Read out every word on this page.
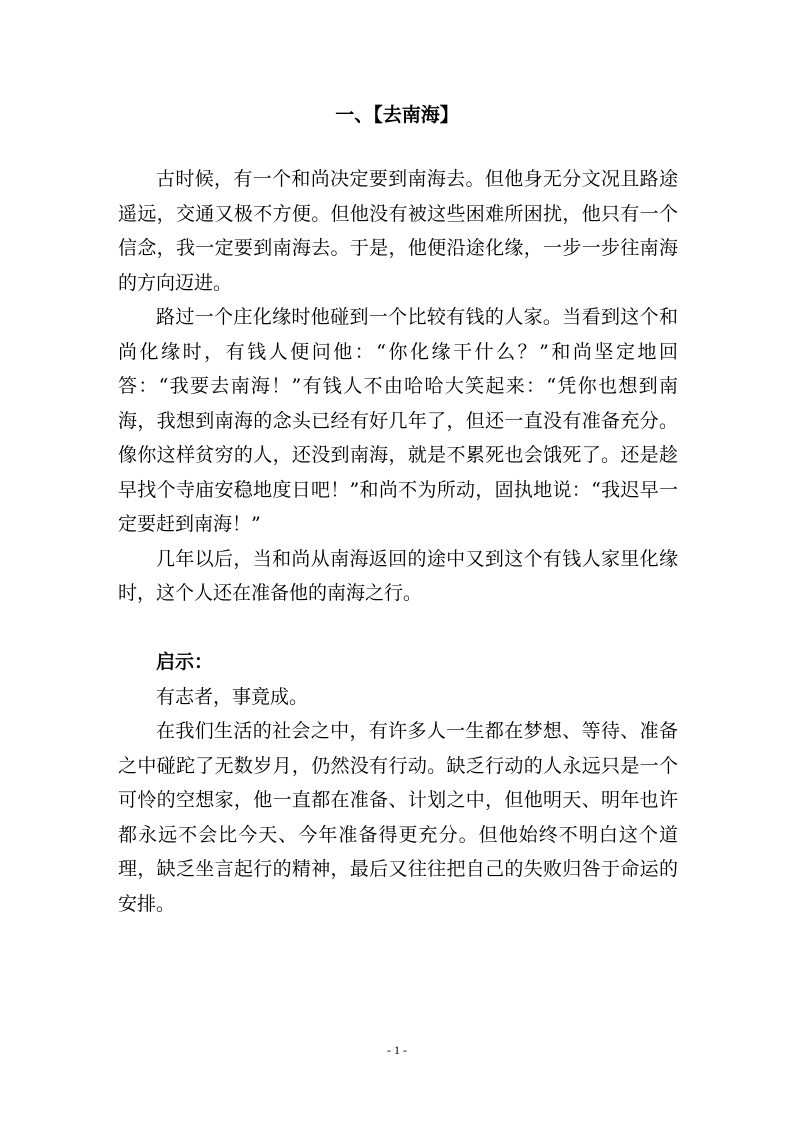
一、【去南海】

古时候，有一个和尚决定要到南海去。但他身无分文况且路途遥远，交通又极不方便。但他没有被这些困难所困扰，他只有一个信念，我一定要到南海去。于是，他便沿途化缘，一步一步往南海的方向迈进。

路过一个庄化缘时他碰到一个比较有钱的人家。当看到这个和尚化缘时，有钱人便问他：“你化缘干什么？”和尚坚定地回答：“我要去南海！”有钱人不由哈哈大笑起来：“凭你也想到南海，我想到南海的念头已经有好几年了，但还一直没有准备充分。像你这样贫穷的人，还没到南海，就是不累死也会饿死了。还是趁早找个寺庙安稳地度日吧！”和尚不为所动，固执地说：“我迟早一定要赶到南海！”

几年以后，当和尚从南海返回的途中又到这个有钱人家里化缘时，这个人还在准备他的南海之行。

启示：

有志者，事竟成。

在我们生活的社会之中，有许多人一生都在梦想、等待、准备之中碰跎了无数岁月，仍然没有行动。缺乏行动的人永远只是一个可怜的空想家，他一直都在准备、计划之中，但他明天、明年也许都永远不会比今天、今年准备得更充分。但他始终不明白这个道理，缺乏坐言起行的精神，最后又往往把自己的失败归咎于命运的安排。

- 1 -
